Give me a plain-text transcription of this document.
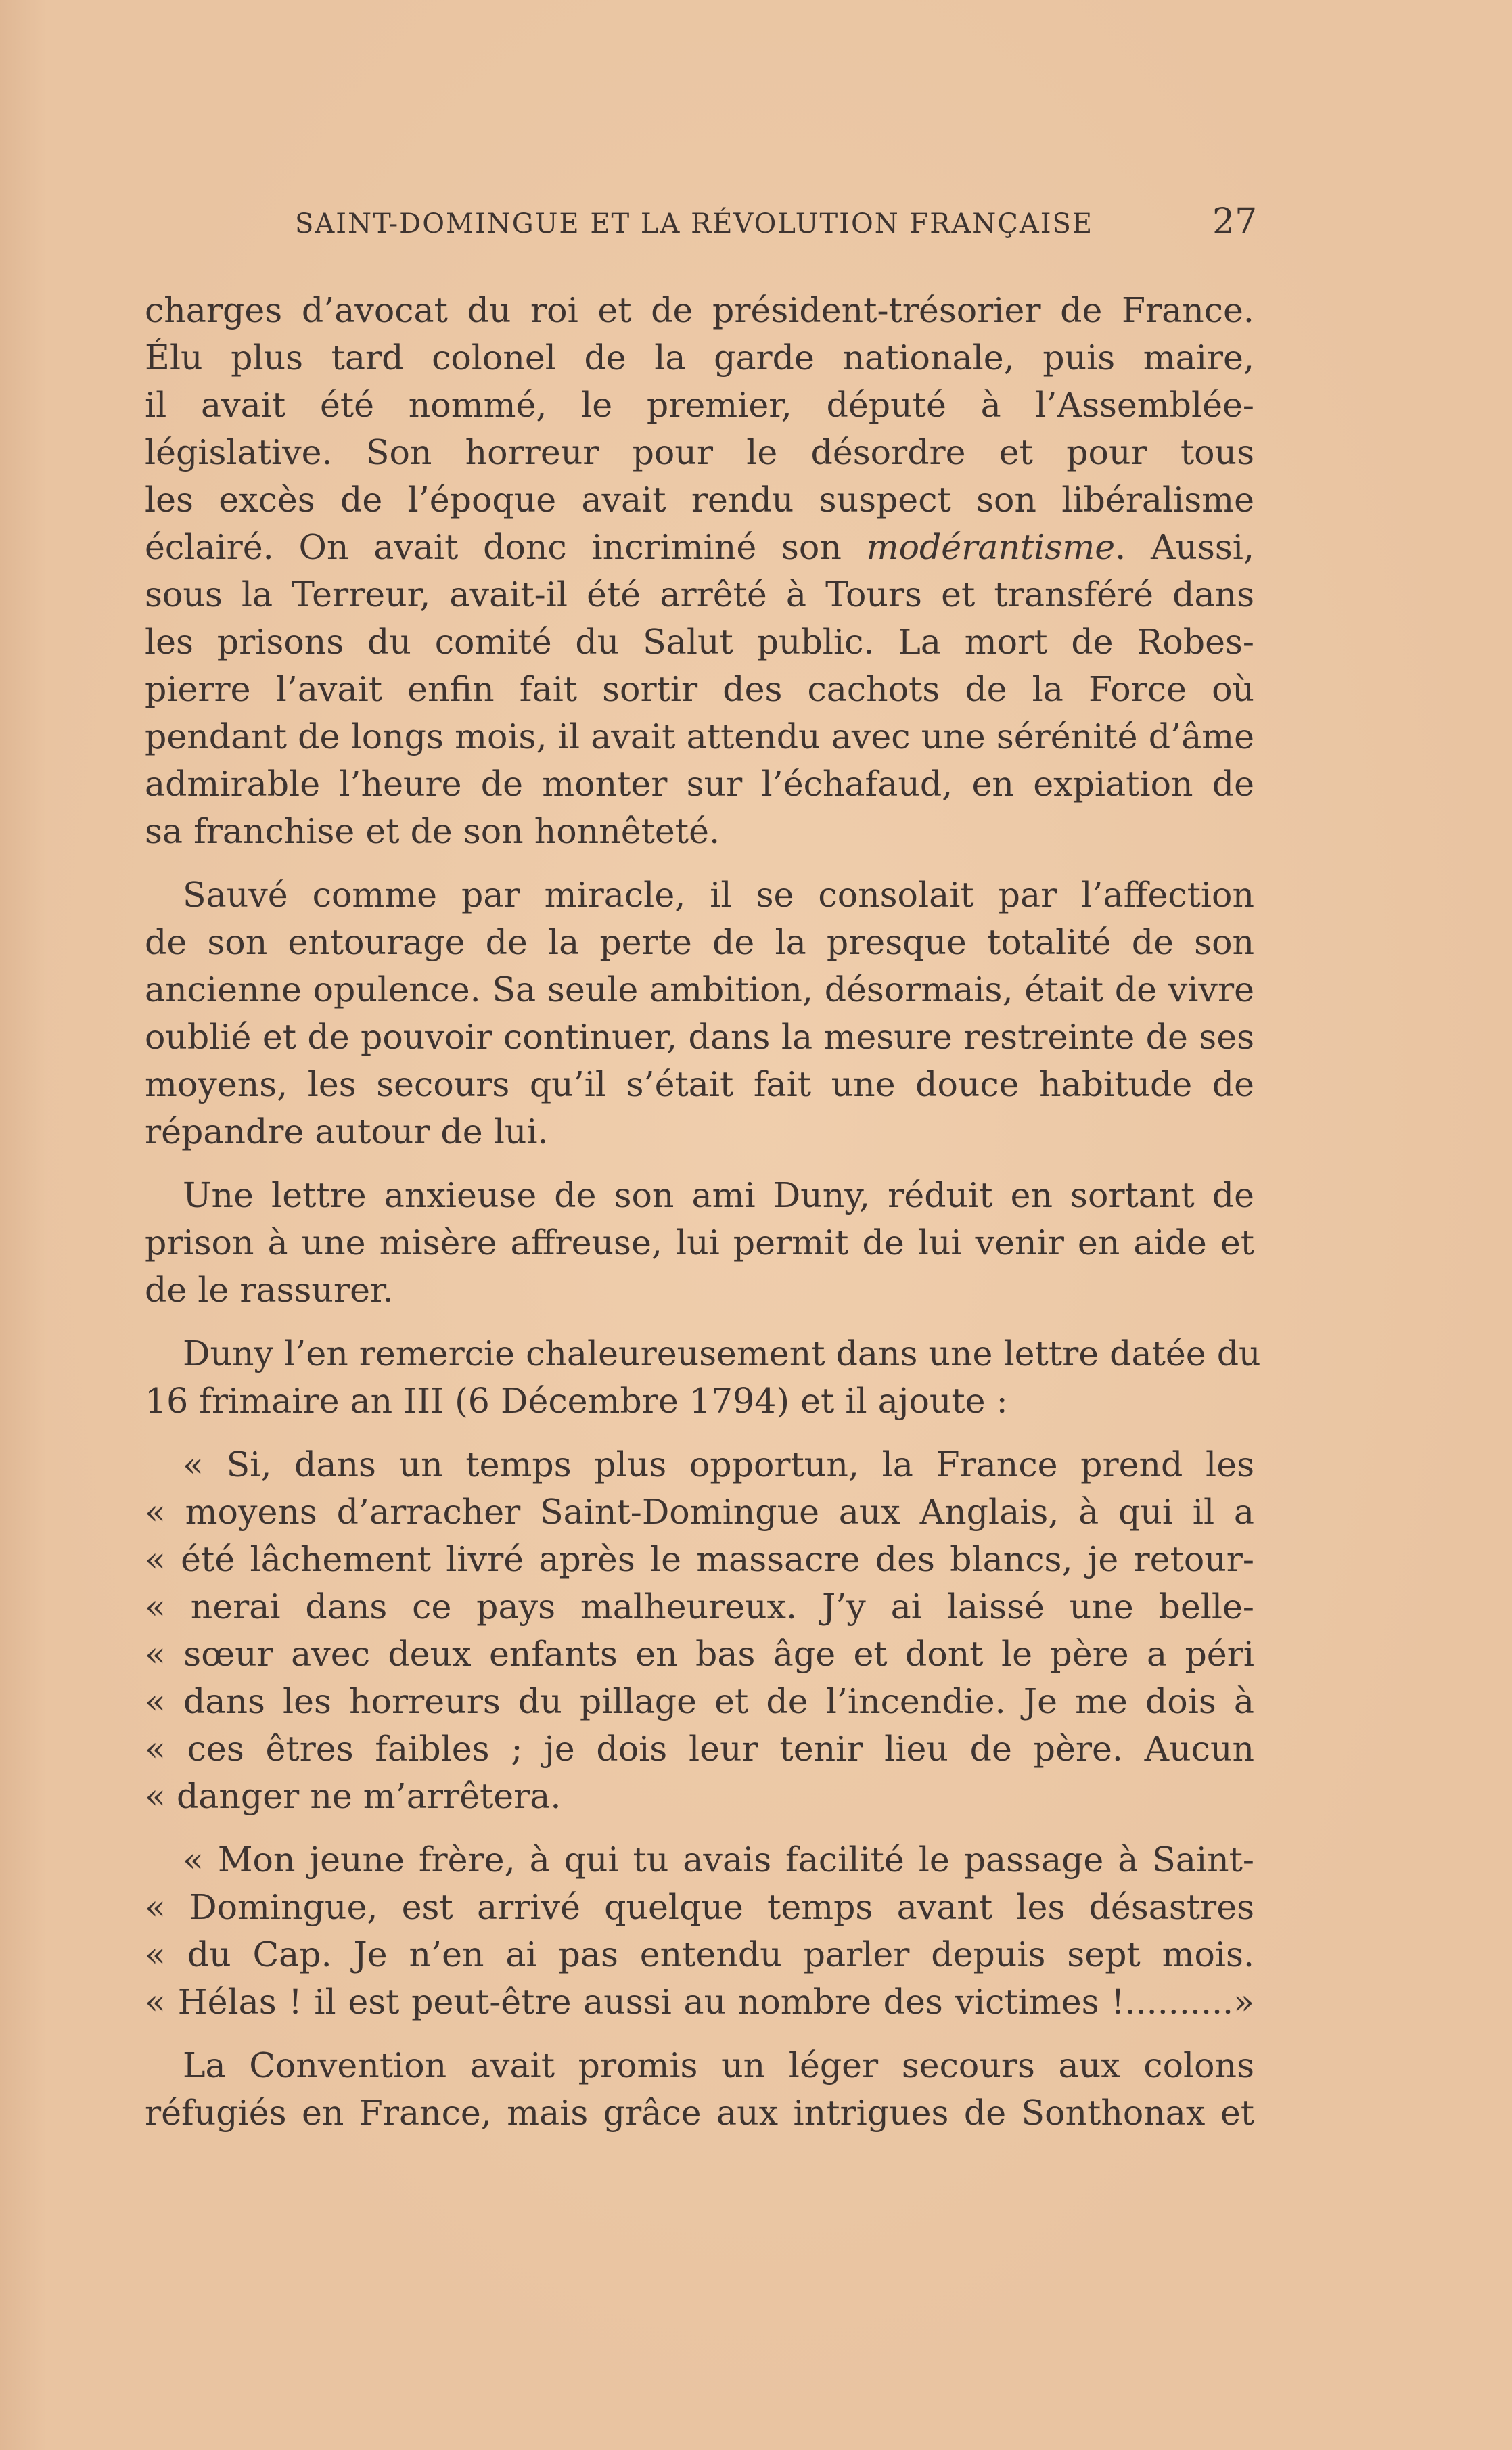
SAINT-DOMINGUE ET LA RÉVOLUTION FRANÇAISE	27
charges d’avocat du roi et de président-trésorier de France.
Élu plus tard colonel de la garde nationale, puis maire,
il avait été nommé, le premier, député à l’Assemblée-
législative. Son horreur pour le désordre et pour tous
les excès de l’époque avait rendu suspect son libéralisme
éclairé. On avait donc incriminé son modérantisme. Aussi,
sous la Terreur, avait-il été arrêté à Tours et transféré dans
les prisons du comité du Salut public. La mort de Robes-
pierre l’avait enfin fait sortir des cachots de la Force où
pendant de longs mois, il avait attendu avec une sérénité d’âme
admirable l’heure de monter sur l’échafaud, en expiation de
sa franchise et de son honnêteté.
Sauvé comme par miracle, il se consolait par l’affection
de son entourage de la perte de la presque totalité de son
ancienne opulence. Sa seule ambition, désormais, était de vivre
oublié et de pouvoir continuer, dans la mesure restreinte de ses
moyens, les secours qu’il s’était fait une douce habitude de
répandre autour de lui.
Une lettre anxieuse de son ami Duny, réduit en sortant de
prison à une misère affreuse, lui permit de lui venir en aide et
de le rassurer.
Duny l’en remercie chaleureusement dans une lettre datée du
16 frimaire an III (6 Décembre 1794) et il ajoute :
« Si, dans un temps plus opportun, la France prend les
« moyens d’arracher Saint-Domingue aux Anglais, à qui il a
« été lâchement livré après le massacre des blancs, je retour-
« nerai dans ce pays malheureux. J’y ai laissé une belle-
« sœur avec deux enfants en bas âge et dont le père a péri
« dans les horreurs du pillage et de l’incendie. Je me dois à
« ces êtres faibles ; je dois leur tenir lieu de père. Aucun
« danger ne m’arrêtera.
« Mon jeune frère, à qui tu avais facilité le passage à Saint-
« Domingue, est arrivé quelque temps avant les désastres
« du Cap. Je n’en ai pas entendu parler depuis sept mois.
« Hélas ! il est peut-être aussi au nombre des victimes !..........»
La Convention avait promis un léger secours aux colons
réfugiés en France, mais grâce aux intrigues de Sonthonax et
